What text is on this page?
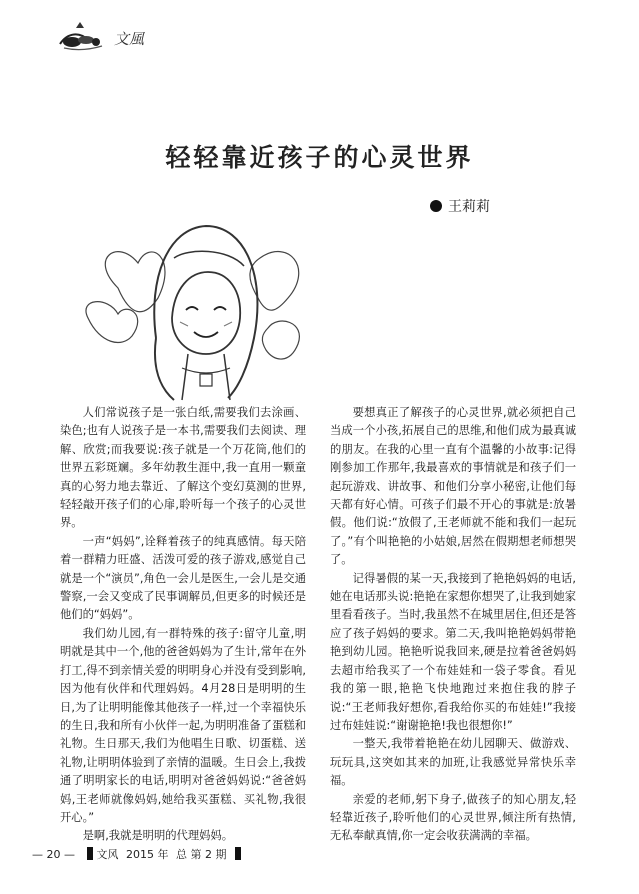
文風
轻轻靠近孩子的心灵世界
王莉莉

人们常说孩子是一张白纸,需要我们去涂画、染色;也有人说孩子是一本书,需要我们去阅读、理解、欣赏;而我要说:孩子就是一个万花筒,他们的世界五彩斑斓。多年幼教生涯中,我一直用一颗童真的心努力地去靠近、了解这个变幻莫测的世界,轻轻敲开孩子们的心扉,聆听每一个孩子的心灵世界。

一声“妈妈”,诠释着孩子的纯真感情。每天陪着一群精力旺盛、活泼可爱的孩子游戏,感觉自己就是一个“演员”,角色一会儿是医生,一会儿是交通警察,一会又变成了民事调解员,但更多的时候还是他们的“妈妈”。

我们幼儿园,有一群特殊的孩子:留守儿童,明明就是其中一个,他的爸爸妈妈为了生计,常年在外打工,得不到亲情关爱的明明身心并没有受到影响,因为他有伙伴和代理妈妈。4月28日是明明的生日,为了让明明能像其他孩子一样,过一个幸福快乐的生日,我和所有小伙伴一起,为明明准备了蛋糕和礼物。生日那天,我们为他唱生日歌、切蛋糕、送礼物,让明明体验到了亲情的温暖。生日会上,我拨通了明明家长的电话,明明对爸爸妈妈说:“爸爸妈妈,王老师就像妈妈,她给我买蛋糕、买礼物,我很开心。”

是啊,我就是明明的代理妈妈。

要想真正了解孩子的心灵世界,就必须把自己当成一个小孩,拓展自己的思维,和他们成为最真诚的朋友。在我的心里一直有个温馨的小故事:记得刚参加工作那年,我最喜欢的事情就是和孩子们一起玩游戏、讲故事、和他们分享小秘密,让他们每天都有好心情。可孩子们最不开心的事就是:放暑假。他们说:“放假了,王老师就不能和我们一起玩了。”有个叫艳艳的小姑娘,居然在假期想老师想哭了。

记得暑假的某一天,我接到了艳艳妈妈的电话,她在电话那头说:艳艳在家想你想哭了,让我到她家里看看孩子。当时,我虽然不在城里居住,但还是答应了孩子妈妈的要求。第二天,我叫艳艳妈妈带艳艳到幼儿园。艳艳听说我回来,硬是拉着爸爸妈妈去超市给我买了一个布娃娃和一袋子零食。看见我的第一眼,艳艳飞快地跑过来抱住我的脖子说:“王老师我好想你,看我给你买的布娃娃!”我接过布娃娃说:“谢谢艳艳!我也很想你!”

一整天,我带着艳艳在幼儿园聊天、做游戏、玩玩具,这突如其来的加班,让我感觉异常快乐幸福。

亲爱的老师,躬下身子,做孩子的知心朋友,轻轻靠近孩子,聆听他们的心灵世界,倾注所有热情,无私奉献真情,你一定会收获满满的幸福。

— 20 — 文风 2015 年 总 第 2 期
